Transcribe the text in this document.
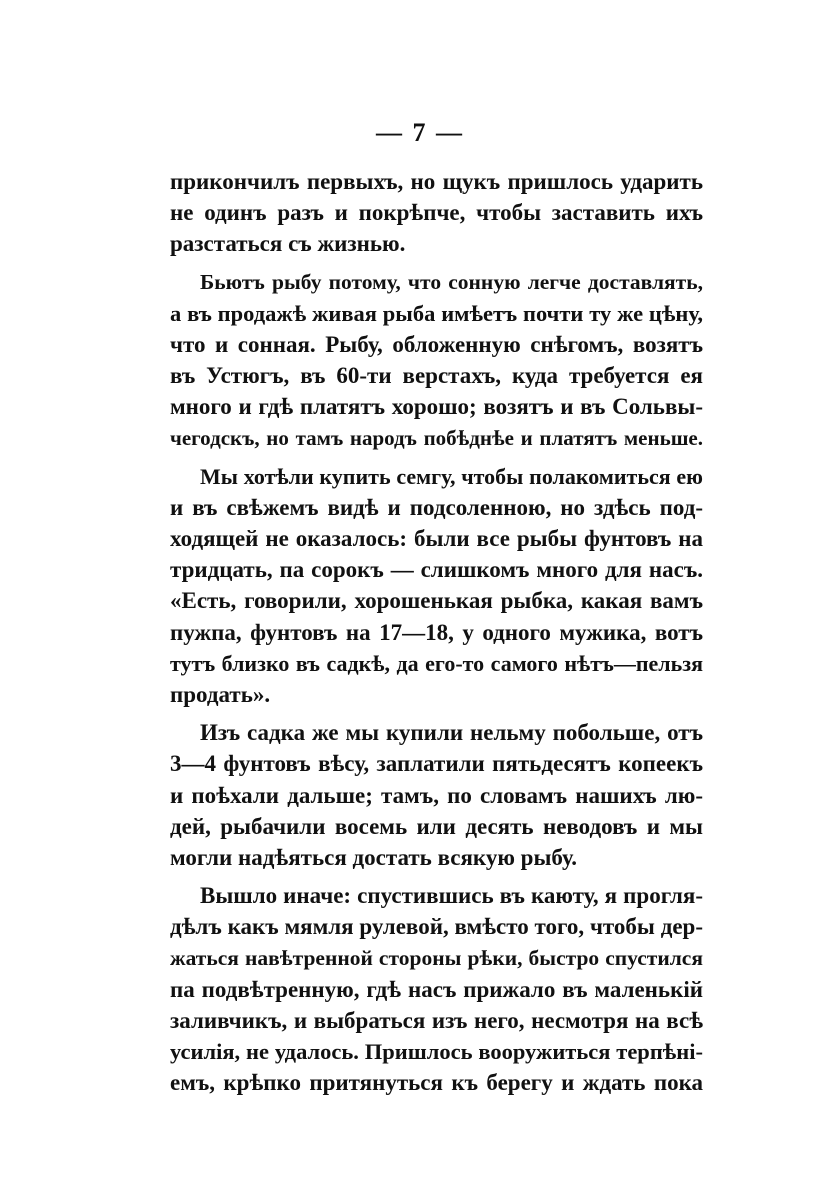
— 7 —

прикончилъ первыхъ, но щукъ пришлось ударить
не одинъ разъ и покрѣпче, чтобы заставить ихъ
разстаться съ жизнью.

Бьютъ рыбу потому, что сонную легче доставлять,
а въ продажѣ живая рыба имѣетъ почти ту же цѣну,
что и сонная. Рыбу, обложенную снѣгомъ, возятъ
въ Устюгъ, въ 60-ти верстахъ, куда требуется ея
много и гдѣ платятъ хорошо; возятъ и въ Сольвы-
чегодскъ, но тамъ народъ побѣднѣе и платятъ меньше.

Мы хотѣли купить семгу, чтобы полакомиться ею
и въ свѣжемъ видѣ и подсоленною, но здѣсь под-
ходящей не оказалось: были все рыбы фунтовъ на
тридцать, па сорокъ — слишкомъ много для насъ.
«Есть, говорили, хорошенькая рыбка, какая вамъ
пужпа, фунтовъ на 17—18, у одного мужика, вотъ
тутъ близко въ садкѣ, да его-то самого нѣтъ—пельзя
продать».

Изъ садка же мы купили нельму побольше, отъ
3—4 фунтовъ вѣсу, заплатили пятьдесятъ копеекъ
и поѣхали дальше; тамъ, по словамъ нашихъ лю-
дей, рыбачили восемь или десять неводовъ и мы
могли надѣяться достать всякую рыбу.

Вышло иначе: спустившись въ каюту, я прогля-
дѣлъ какъ мямля рулевой, вмѣсто того, чтобы дер-
жаться навѣтренной стороны рѣки, быстро спустился
па подвѣтренную, гдѣ насъ прижало въ маленькій
заливчикъ, и выбраться изъ него, несмотря на всѣ
усилія, не удалось. Пришлось вооружиться терпѣні-
емъ, крѣпко притянуться къ берегу и ждать пока
